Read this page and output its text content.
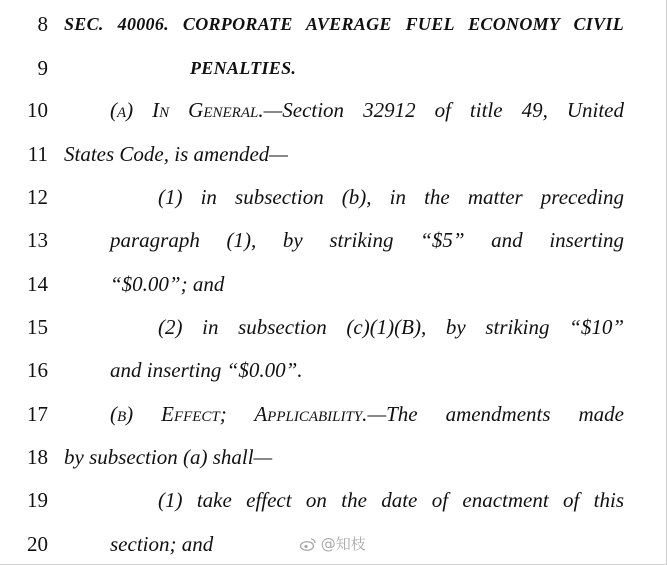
8 SEC. 40006. CORPORATE AVERAGE FUEL ECONOMY CIVIL
9	PENALTIES.
10	(a) In General.—Section 32912 of title 49, United
11 States Code, is amended—
12	(1) in subsection (b), in the matter preceding
13	paragraph (1), by striking “$5” and inserting
14	“$0.00”; and
15	(2) in subsection (c)(1)(B), by striking “$10”
16	and inserting “$0.00”.
17	(b) Effect; Applicability.—The amendments made
18 by subsection (a) shall—
19	(1) take effect on the date of enactment of this
20	section; and	@知枝
